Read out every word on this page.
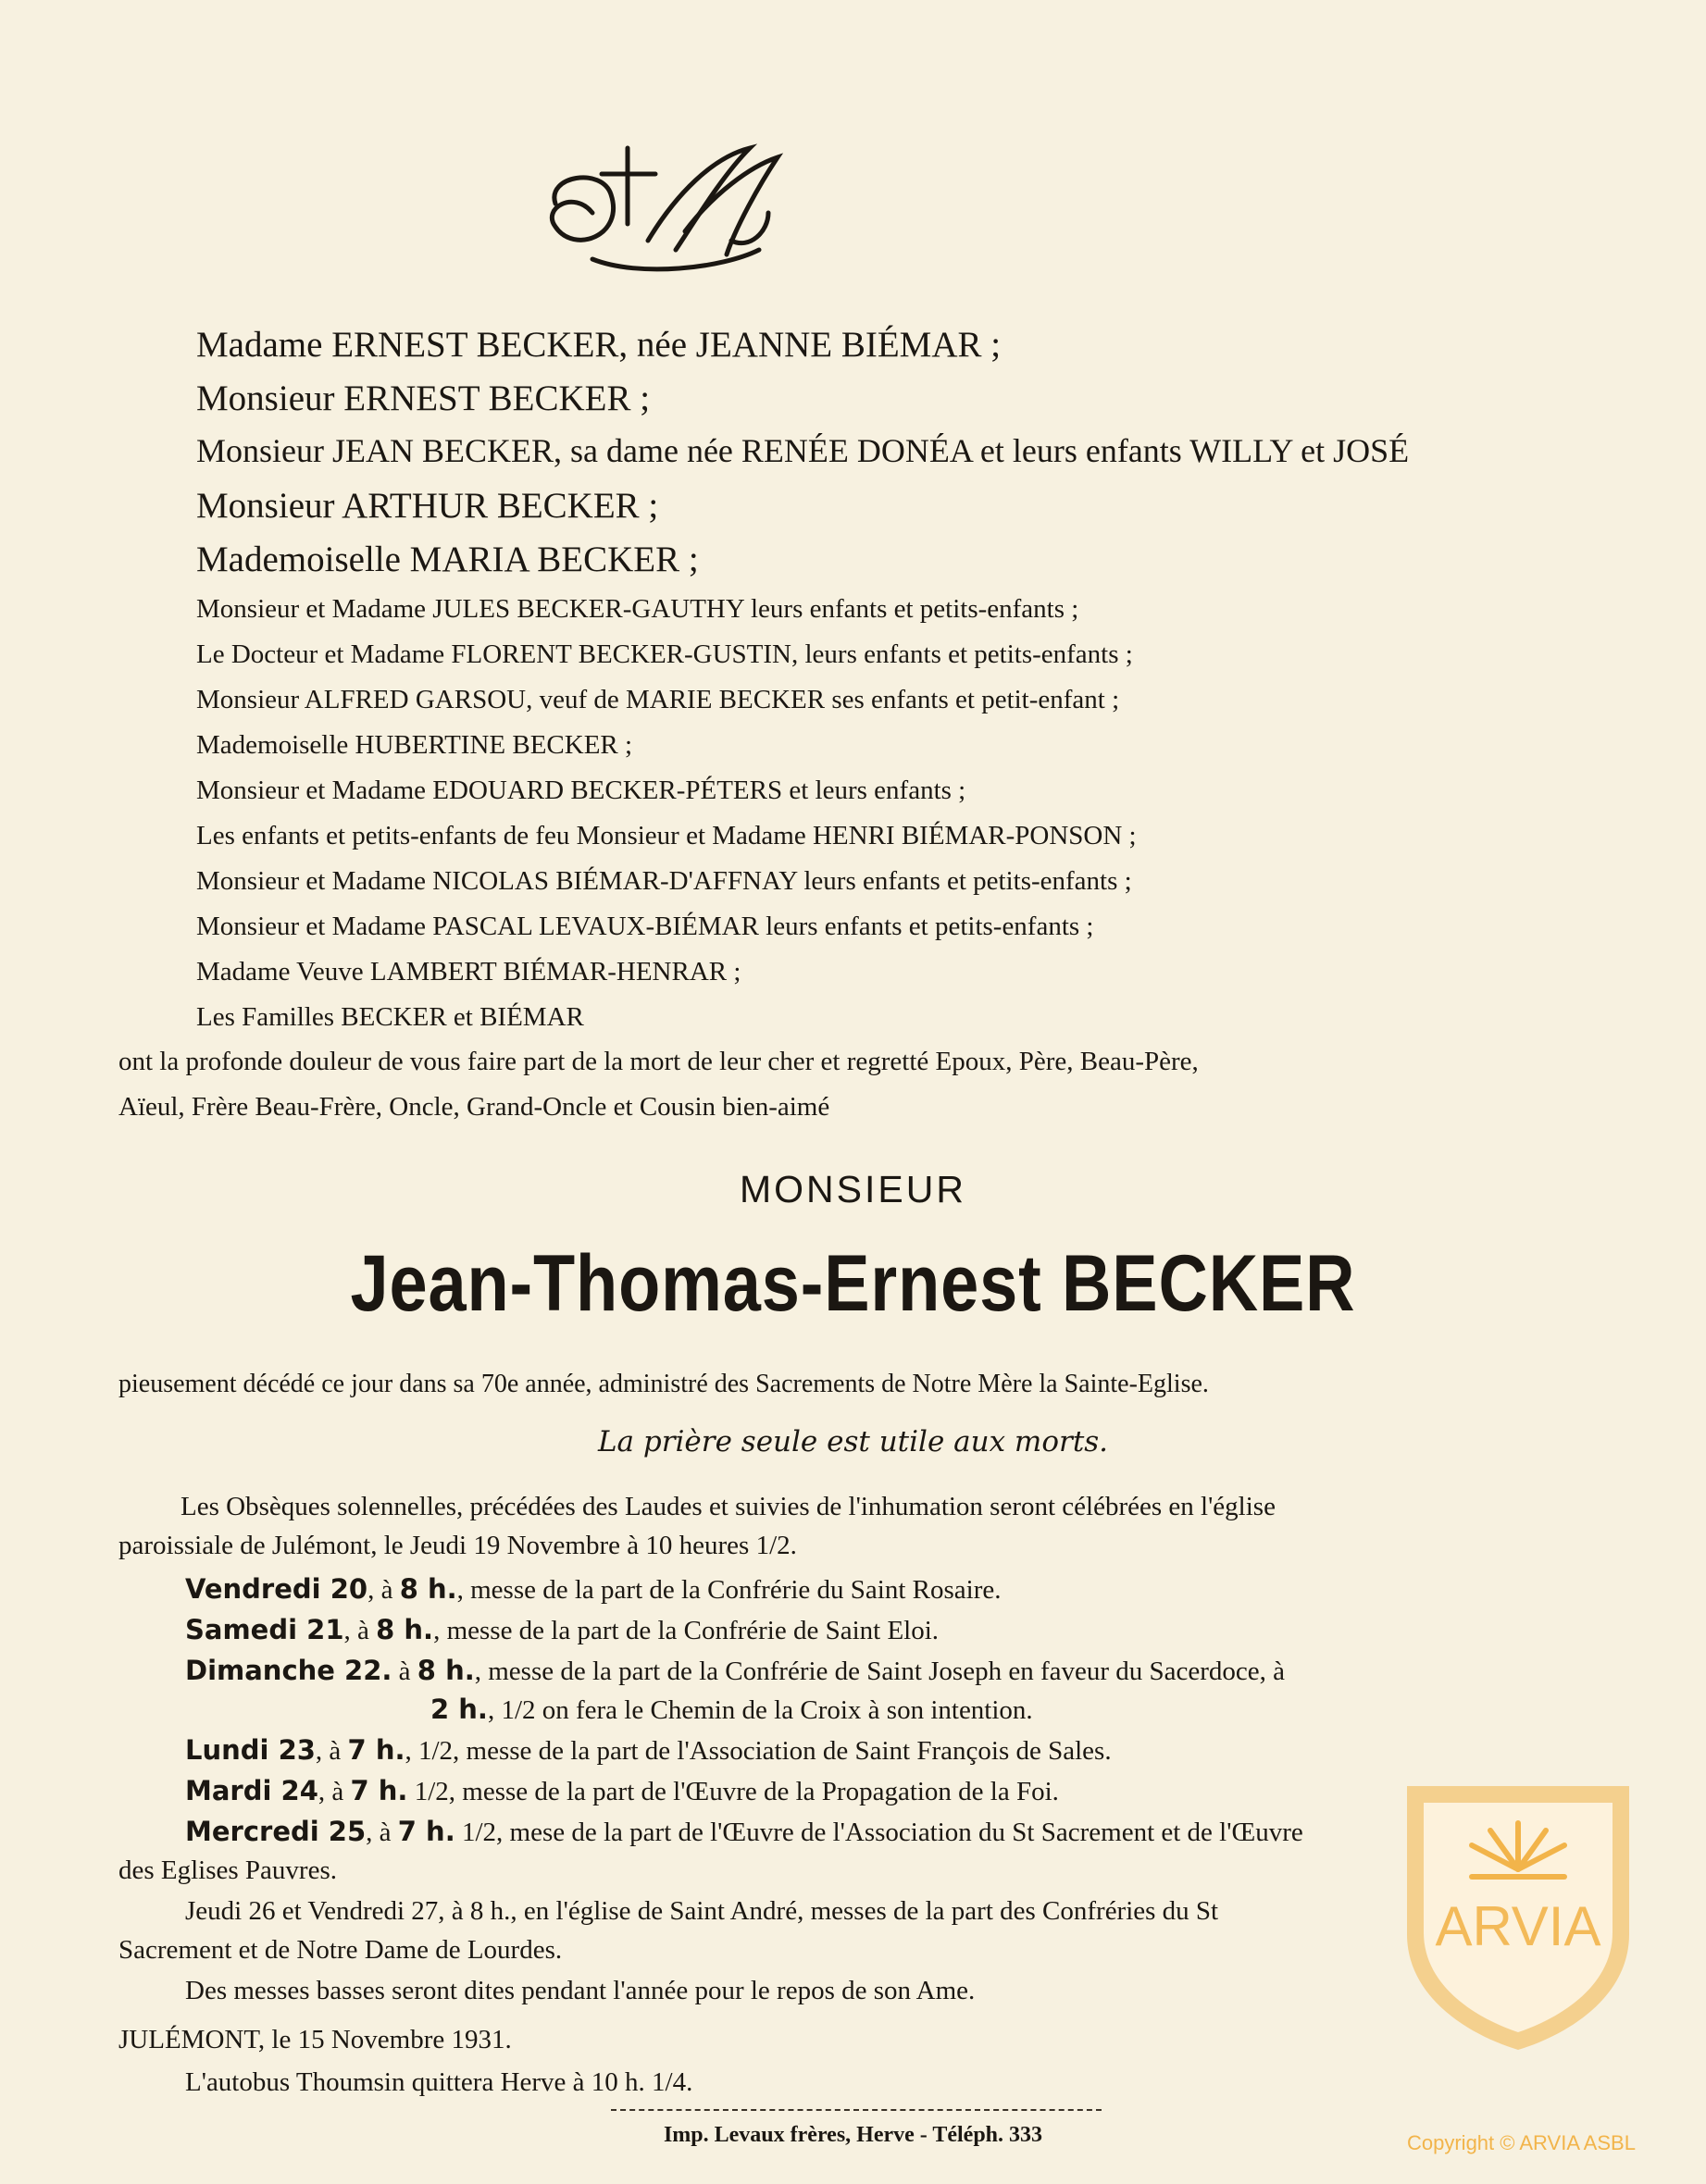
Madame ERNEST BECKER, née JEANNE BIÉMAR ;
Monsieur ERNEST BECKER ;
Monsieur JEAN BECKER, sa dame née RENÉE DONÉA et leurs enfants WILLY et JOSÉ
Monsieur ARTHUR BECKER ;
Mademoiselle MARIA BECKER ;
Monsieur et Madame JULES BECKER-GAUTHY leurs enfants et petits-enfants ;
Le Docteur et Madame FLORENT BECKER-GUSTIN, leurs enfants et petits-enfants ;
Monsieur ALFRED GARSOU, veuf de MARIE BECKER ses enfants et petit-enfant ;
Mademoiselle HUBERTINE BECKER ;
Monsieur et Madame EDOUARD BECKER-PÉTERS et leurs enfants ;
Les enfants et petits-enfants de feu Monsieur et Madame HENRI BIÉMAR-PONSON ;
Monsieur et Madame NICOLAS BIÉMAR-D'AFFNAY leurs enfants et petits-enfants ;
Monsieur et Madame PASCAL LEVAUX-BIÉMAR leurs enfants et petits-enfants ;
Madame Veuve LAMBERT BIÉMAR-HENRAR ;
Les Familles BECKER et BIÉMAR
ont la profonde douleur de vous faire part de la mort de leur cher et regretté Epoux, Père, Beau-Père,
Aïeul, Frère Beau-Frère, Oncle, Grand-Oncle et Cousin bien-aimé
MONSIEUR
Jean-Thomas-Ernest BECKER
pieusement décédé ce jour dans sa 70e année, administré des Sacrements de Notre Mère la Sainte-Eglise.
La prière seule est utile aux morts.
Les Obsèques solennelles, précédées des Laudes et suivies de l'inhumation seront célébrées en l'église
paroissiale de Julémont, le Jeudi 19 Novembre à 10 heures 1/2.
Vendredi 20, à 8 h., messe de la part de la Confrérie du Saint Rosaire.
Samedi 21, à 8 h., messe de la part de la Confrérie de Saint Eloi.
Dimanche 22. à 8 h., messe de la part de la Confrérie de Saint Joseph en faveur du Sacerdoce, à
2 h., 1/2 on fera le Chemin de la Croix à son intention.
Lundi 23, à 7 h., 1/2, messe de la part de l'Association de Saint François de Sales.
Mardi 24, à 7 h. 1/2, messe de la part de l'Œuvre de la Propagation de la Foi.
Mercredi 25, à 7 h. 1/2, mese de la part de l'Œuvre de l'Association du St Sacrement et de l'Œuvre
des Eglises Pauvres.
Jeudi 26 et Vendredi 27, à 8 h., en l'église de Saint André, messes de la part des Confréries du St
Sacrement et de Notre Dame de Lourdes.
Des messes basses seront dites pendant l'année pour le repos de son Ame.
JULÉMONT, le 15 Novembre 1931.
L'autobus Thoumsin quittera Herve à 10 h. 1/4.
Imp. Levaux frères, Herve - Téléph. 333
ARVIA
Copyright © ARVIA ASBL
